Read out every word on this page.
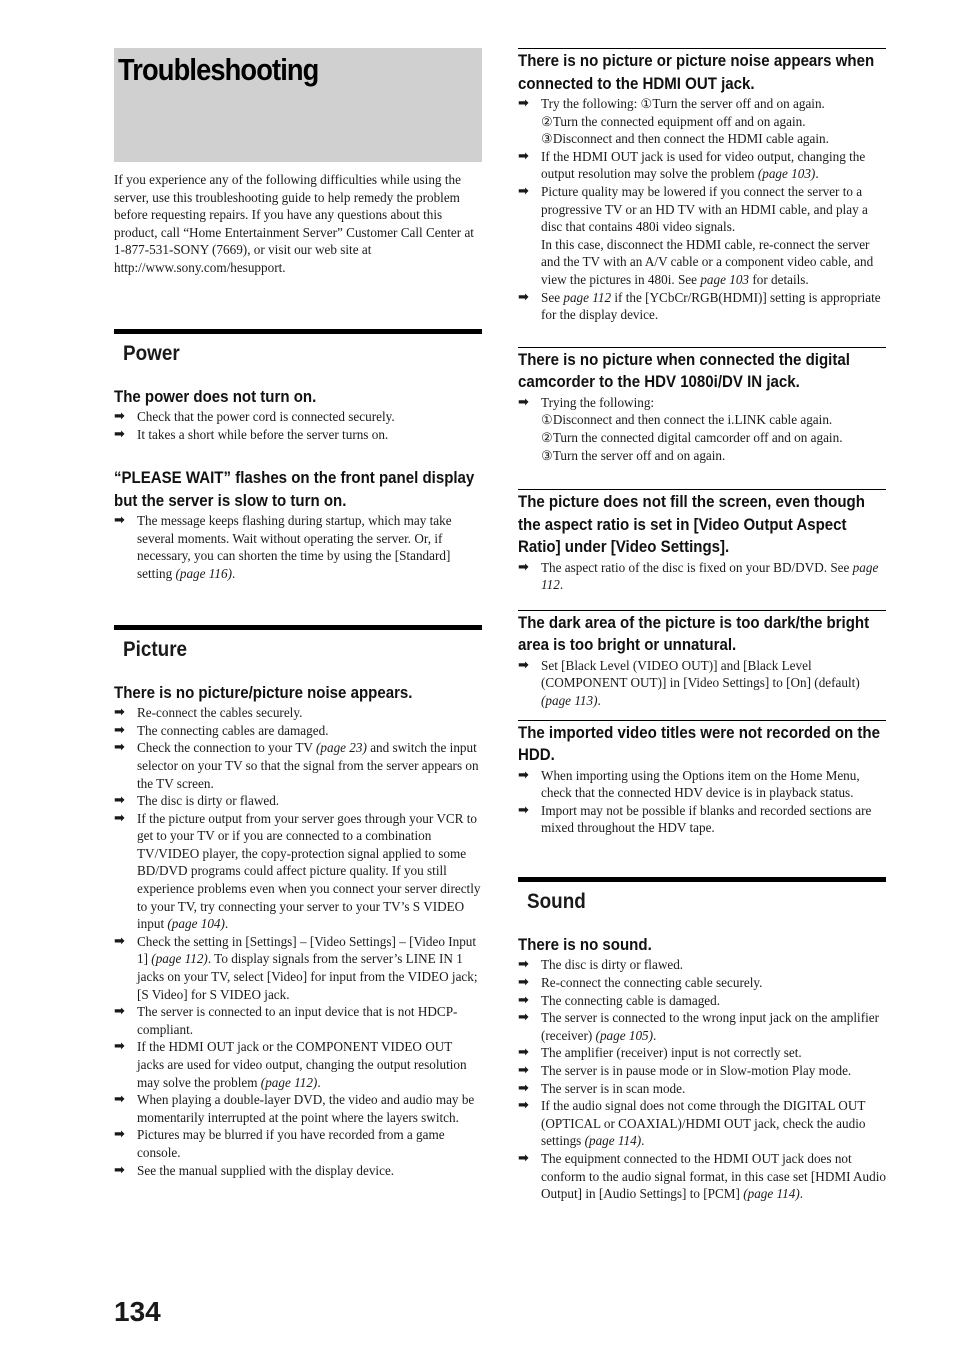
Troubleshooting

If you experience any of the following difficulties while using the server, use this troubleshooting guide to help remedy the problem before requesting repairs. If you have any questions about this product, call “Home Entertainment Server” Customer Call Center at 1-877-531-SONY (7669), or visit our web site at http://www.sony.com/hesupport.

Power
The power does not turn on.
➡ Check that the power cord is connected securely.
➡ It takes a short while before the server turns on.
“PLEASE WAIT” flashes on the front panel display but the server is slow to turn on.
➡ The message keeps flashing during startup, which may take several moments. Wait without operating the server. Or, if necessary, you can shorten the time by using the [Standard] setting (page 116).
Picture
There is no picture/picture noise appears.
➡ Re-connect the cables securely.
➡ The connecting cables are damaged.
➡ Check the connection to your TV (page 23) and switch the input selector on your TV so that the signal from the server appears on the TV screen.
➡ The disc is dirty or flawed.
➡ If the picture output from your server goes through your VCR to get to your TV or if you are connected to a combination TV/VIDEO player, the copy-protection signal applied to some BD/DVD programs could affect picture quality. If you still experience problems even when you connect your server directly to your TV, try connecting your server to your TV’s S VIDEO input (page 104).
➡ Check the setting in [Settings] – [Video Settings] – [Video Input 1] (page 112). To display signals from the server’s LINE IN 1 jacks on your TV, select [Video] for input from the VIDEO jack; [S Video] for S VIDEO jack.
➡ The server is connected to an input device that is not HDCP-compliant.
➡ If the HDMI OUT jack or the COMPONENT VIDEO OUT jacks are used for video output, changing the output resolution may solve the problem (page 112).
➡ When playing a double-layer DVD, the video and audio may be momentarily interrupted at the point where the layers switch.
➡ Pictures may be blurred if you have recorded from a game console.
➡ See the manual supplied with the display device.
There is no picture or picture noise appears when connected to the HDMI OUT jack.
➡ Try the following: ①Turn the server off and on again.
②Turn the connected equipment off and on again.
③Disconnect and then connect the HDMI cable again.
➡ If the HDMI OUT jack is used for video output, changing the output resolution may solve the problem (page 103).
➡ Picture quality may be lowered if you connect the server to a progressive TV or an HD TV with an HDMI cable, and play a disc that contains 480i video signals.
In this case, disconnect the HDMI cable, re-connect the server and the TV with an A/V cable or a component video cable, and view the pictures in 480i. See page 103 for details.
➡ See page 112 if the [YCbCr/RGB(HDMI)] setting is appropriate for the display device.
There is no picture when connected the digital camcorder to the HDV 1080i/DV IN jack.
➡ Trying the following:
①Disconnect and then connect the i.LINK cable again.
②Turn the connected digital camcorder off and on again.
③Turn the server off and on again.
The picture does not fill the screen, even though the aspect ratio is set in [Video Output Aspect Ratio] under [Video Settings].
➡ The aspect ratio of the disc is fixed on your BD/DVD. See page 112.
The dark area of the picture is too dark/the bright area is too bright or unnatural.
➡ Set [Black Level (VIDEO OUT)] and [Black Level (COMPONENT OUT)] in [Video Settings] to [On] (default) (page 113).
The imported video titles were not recorded on the HDD.
➡ When importing using the Options item on the Home Menu, check that the connected HDV device is in playback status.
➡ Import may not be possible if blanks and recorded sections are mixed throughout the HDV tape.
Sound
There is no sound.
➡ The disc is dirty or flawed.
➡ Re-connect the connecting cable securely.
➡ The connecting cable is damaged.
➡ The server is connected to the wrong input jack on the amplifier (receiver) (page 105).
➡ The amplifier (receiver) input is not correctly set.
➡ The server is in pause mode or in Slow-motion Play mode.
➡ The server is in scan mode.
➡ If the audio signal does not come through the DIGITAL OUT (OPTICAL or COAXIAL)/HDMI OUT jack, check the audio settings (page 114).
➡ The equipment connected to the HDMI OUT jack does not conform to the audio signal format, in this case set [HDMI Audio Output] in [Audio Settings] to [PCM] (page 114).
134
